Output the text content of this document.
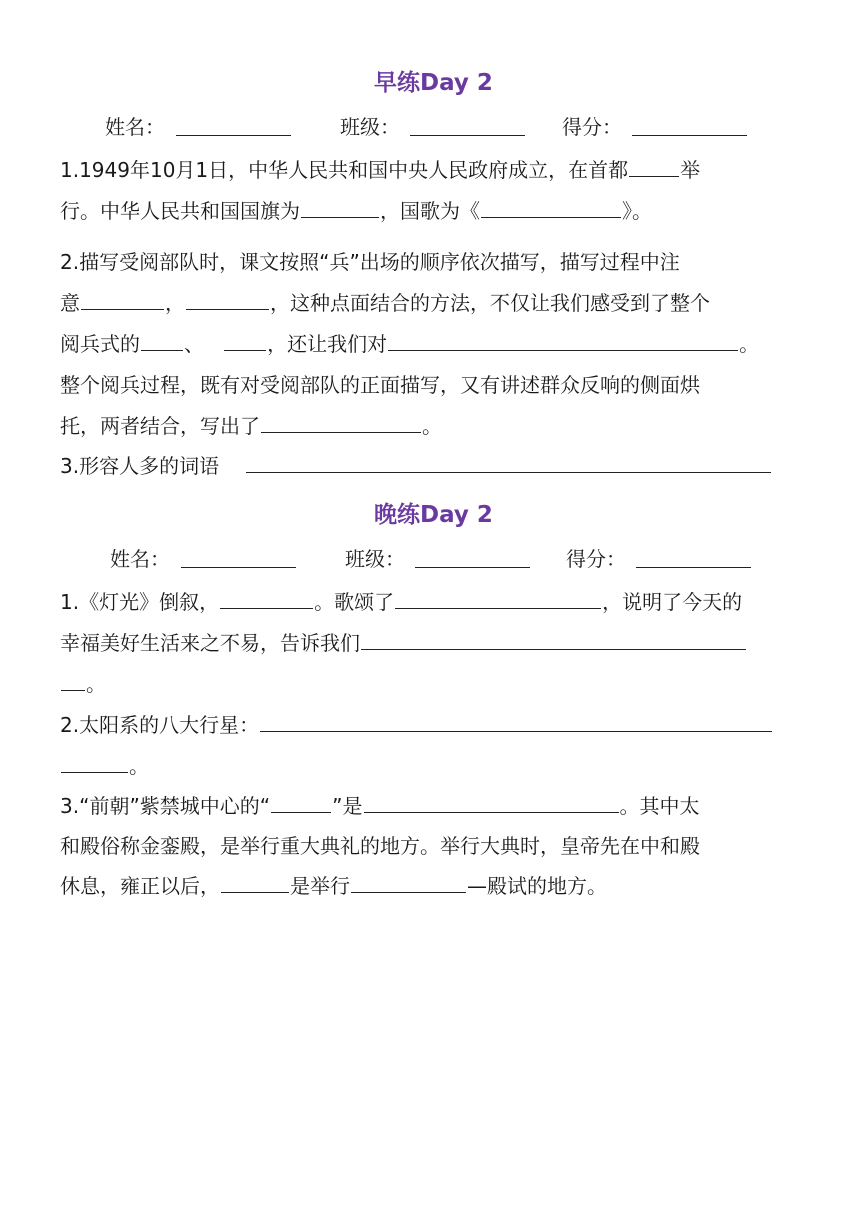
早练Day 2
姓名：	班级：	得分：

1.1949年10月1日，中华人民共和国中央人民政府成立，在首都	举
行。中华人民共和国国旗为	，国歌为《	》。

2.描写受阅部队时，课文按照“兵”出场的顺序依次描写，描写过程中注
意	，	，这种点面结合的方法，不仅让我们感受到了整个
阅兵式的 、	，还让我们对	。
整个阅兵过程，既有对受阅部队的正面描写，又有讲述群众反响的侧面烘
托，两者结合，写出了	。

3.形容人多的词语

晚练Day 2
姓名：	班级：	得分：

1.《灯光》倒叙，	。歌颂了	，说明了今天的
幸福美好生活来之不易，告诉我们
。

2.太阳系的八大行星：
。

3.“前朝”紫禁城中心的“	”是	。其中太
和殿俗称金銮殿，是举行重大典礼的地方。举行大典时，皇帝先在中和殿
休息，雍正以后，	是举行	—殿试的地方。
